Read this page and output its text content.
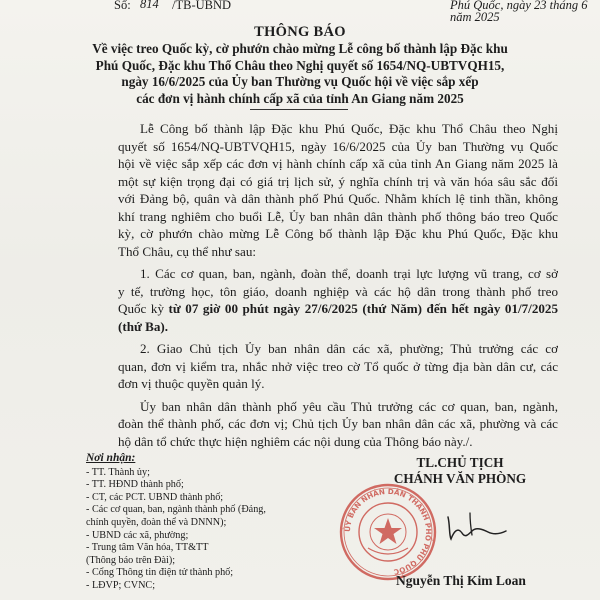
Số: 814 /TB-UBND	Phú Quốc, ngày 23 tháng 6 năm 2025
THÔNG BÁO
Về việc treo Quốc kỳ, cờ phướn chào mừng Lễ công bố thành lập Đặc khu
Phú Quốc, Đặc khu Thổ Châu theo Nghị quyết số 1654/NQ-UBTVQH15,
ngày 16/6/2025 của Ủy ban Thường vụ Quốc hội về việc sắp xếp
các đơn vị hành chính cấp xã của tỉnh An Giang năm 2025
Lễ Công bố thành lập Đặc khu Phú Quốc, Đặc khu Thổ Châu theo Nghị
quyết số 1654/NQ-UBTVQH15, ngày 16/6/2025 của Ủy ban Thường vụ Quốc
hội về việc sắp xếp các đơn vị hành chính cấp xã của tỉnh An Giang năm 2025 là
một sự kiện trọng đại có giá trị lịch sử, ý nghĩa chính trị và văn hóa sâu sắc đối
với Đảng bộ, quân và dân thành phố Phú Quốc. Nhằm khích lệ tinh thần, không
khí trang nghiêm cho buổi Lễ, Ủy ban nhân dân thành phố thông báo treo Quốc
kỳ, cờ phướn chào mừng Lễ Công bố thành lập Đặc khu Phú Quốc, Đặc khu
Thổ Châu, cụ thể như sau:
1. Các cơ quan, ban, ngành, đoàn thể, doanh trại lực lượng vũ trang, cơ sở
y tế, trường học, tôn giáo, doanh nghiệp và các hộ dân trong thành phố treo
Quốc kỳ từ 07 giờ 00 phút ngày 27/6/2025 (thứ Năm) đến hết ngày 01/7/2025
(thứ Ba).
2. Giao Chủ tịch Ủy ban nhân dân các xã, phường; Thủ trưởng các cơ
quan, đơn vị kiểm tra, nhắc nhở việc treo cờ Tổ quốc ở từng địa bàn dân cư, các
đơn vị thuộc quyền quản lý.
Ủy ban nhân dân thành phố yêu cầu Thủ trưởng các cơ quan, ban, ngành,
đoàn thể thành phố, các đơn vị; Chủ tịch Ủy ban nhân dân các xã, phường và các
hộ dân tổ chức thực hiện nghiêm các nội dung của Thông báo này./.
Nơi nhận:
- TT. Thành ủy;
- TT. HĐND thành phố;
- CT, các PCT. UBND thành phố;
- Các cơ quan, ban, ngành thành phố (Đảng,
chính quyền, đoàn thể và DNNN);
- UBND các xã, phường;
- Trung tâm Văn hóa, TT&TT
(Thông báo trên Đài);
- Cổng Thông tin điện tử thành phố;
- LĐVP; CVNC;
TL.CHỦ TỊCH
CHÁNH VĂN PHÒNG
ỦY BAN NHÂN DÂN THÀNH PHỐ PHÚ QUỐC
Nguyễn Thị Kim Loan
